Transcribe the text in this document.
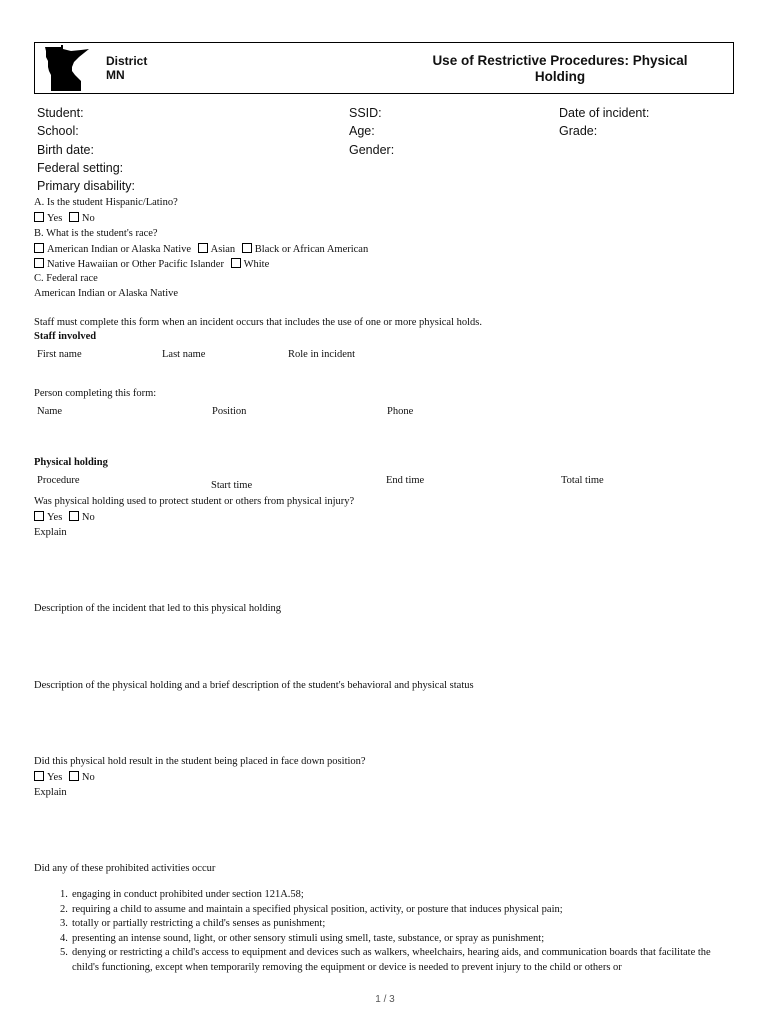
District
MN
Use of Restrictive Procedures: Physical Holding
Student:	SSID:	Date of incident:
School:	Age:	Grade:
Birth date:	Gender:
Federal setting:
Primary disability:
A. Is the student Hispanic/Latino?
Yes No
B. What is the student's race?
American Indian or Alaska Native Asian Black or African American
Native Hawaiian or Other Pacific Islander White
C. Federal race
American Indian or Alaska Native
Staff must complete this form when an incident occurs that includes the use of one or more physical holds.
Staff involved
First name	Last name	Role in incident
Person completing this form:
Name	Position	Phone
Physical holding
Procedure	Start time	End time	Total time
Was physical holding used to protect student or others from physical injury?
Yes No
Explain
Description of the incident that led to this physical holding
Description of the physical holding and a brief description of the student's behavioral and physical status
Did this physical hold result in the student being placed in face down position?
Yes No
Explain
Did any of these prohibited activities occur
1. engaging in conduct prohibited under section 121A.58;
2. requiring a child to assume and maintain a specified physical position, activity, or posture that induces physical pain;
3. totally or partially restricting a child's senses as punishment;
4. presenting an intense sound, light, or other sensory stimuli using smell, taste, substance, or spray as punishment;
5. denying or restricting a child's access to equipment and devices such as walkers, wheelchairs, hearing aids, and communication boards that facilitate the child's functioning, except when temporarily removing the equipment or device is needed to prevent injury to the child or others or
1 / 3
